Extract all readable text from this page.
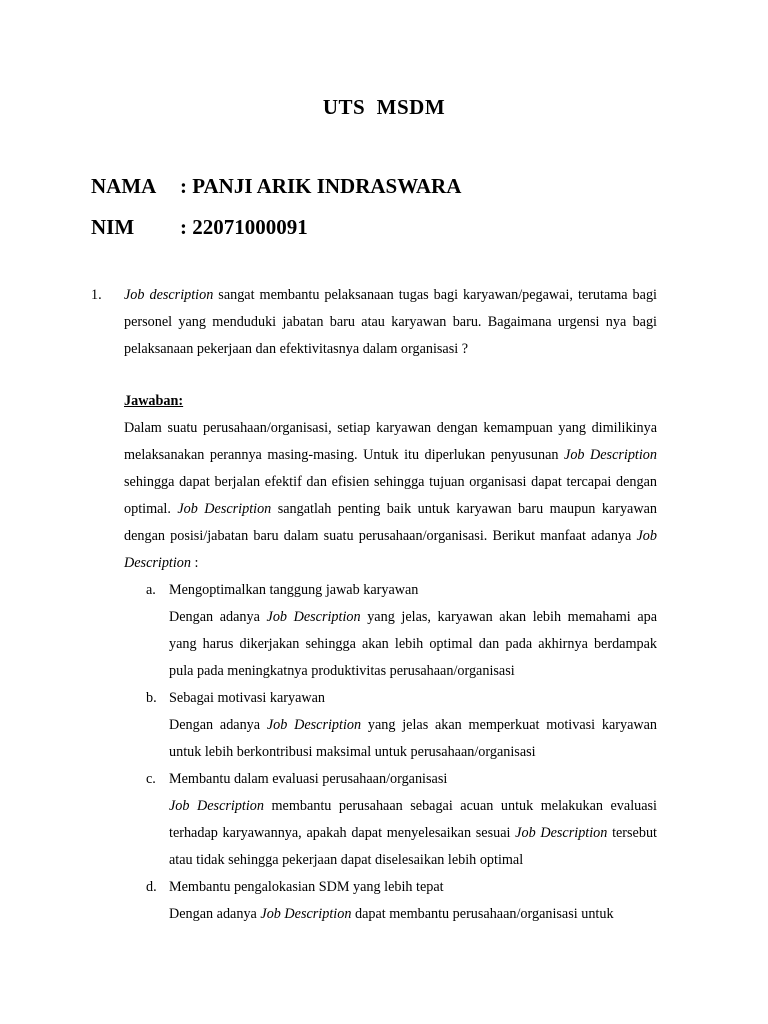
UTS  MSDM
NAMA : PANJI ARIK INDRASWARA
NIM : 22071000091
1. Job description sangat membantu pelaksanaan tugas bagi karyawan/pegawai, terutama bagi personel yang menduduki jabatan baru atau karyawan baru. Bagaimana urgensi nya bagi pelaksanaan pekerjaan dan efektivitasnya dalam organisasi ?
Jawaban:
Dalam suatu perusahaan/organisasi, setiap karyawan dengan kemampuan yang dimilikinya melaksanakan perannya masing-masing. Untuk itu diperlukan penyusunan Job Description sehingga dapat berjalan efektif dan efisien sehingga tujuan organisasi dapat tercapai dengan optimal. Job Description sangatlah penting baik untuk karyawan baru maupun karyawan dengan posisi/jabatan baru dalam suatu perusahaan/organisasi. Berikut manfaat adanya Job Description :
a. Mengoptimalkan tanggung jawab karyawan
Dengan adanya Job Description yang jelas, karyawan akan lebih memahami apa yang harus dikerjakan sehingga akan lebih optimal dan pada akhirnya berdampak pula pada meningkatnya produktivitas perusahaan/organisasi
b. Sebagai motivasi karyawan
Dengan adanya Job Description yang jelas akan memperkuat motivasi karyawan untuk lebih berkontribusi maksimal untuk perusahaan/organisasi
c. Membantu dalam evaluasi perusahaan/organisasi
Job Description membantu perusahaan sebagai acuan untuk melakukan evaluasi terhadap karyawannya, apakah dapat menyelesaikan sesuai Job Description tersebut atau tidak sehingga pekerjaan dapat diselesaikan lebih optimal
d. Membantu pengalokasian SDM yang lebih tepat
Dengan adanya Job Description dapat membantu perusahaan/organisasi untuk
